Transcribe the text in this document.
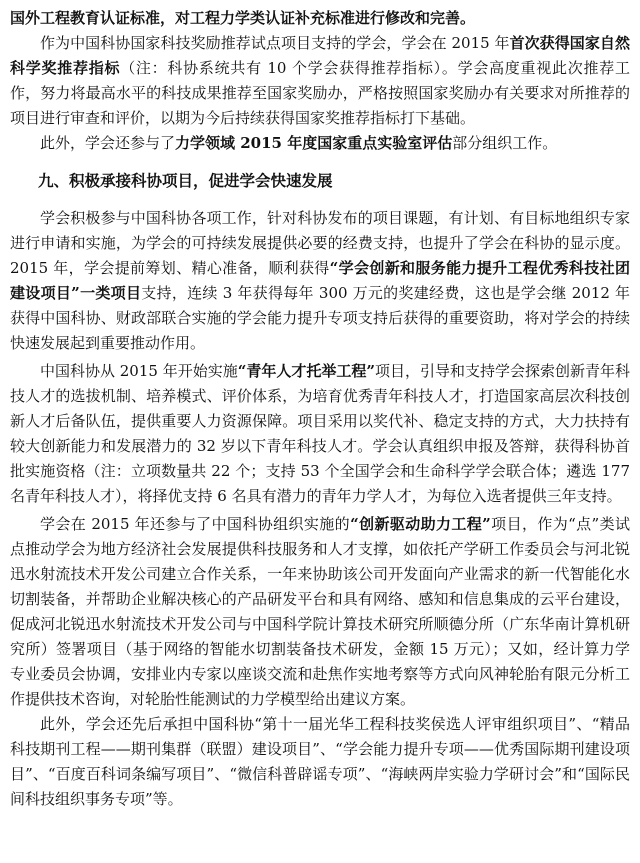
国外工程教育认证标准，对工程力学类认证补充标准进行修改和完善。

作为中国科协国家科技奖励推荐试点项目支持的学会，学会在 2015 年首次获得国家自然科学奖推荐指标（注：科协系统共有 10 个学会获得推荐指标）。学会高度重视此次推荐工作，努力将最高水平的科技成果推荐至国家奖励办，严格按照国家奖励办有关要求对所推荐的项目进行审查和评价，以期为今后持续获得国家奖推荐指标打下基础。

此外，学会还参与了力学领域 2015 年度国家重点实验室评估部分组织工作。

九、积极承接科协项目，促进学会快速发展

学会积极参与中国科协各项工作，针对科协发布的项目课题，有计划、有目标地组织专家进行申请和实施，为学会的可持续发展提供必要的经费支持，也提升了学会在科协的显示度。2015 年，学会提前筹划、精心准备，顺利获得“学会创新和服务能力提升工程优秀科技社团建设项目”一类项目支持，连续 3 年获得每年 300 万元的奖建经费，这也是学会继 2012 年获得中国科协、财政部联合实施的学会能力提升专项支持后获得的重要资助，将对学会的持续快速发展起到重要推动作用。

中国科协从 2015 年开始实施“青年人才托举工程”项目，引导和支持学会探索创新青年科技人才的选拔机制、培养模式、评价体系，为培育优秀青年科技人才，打造国家高层次科技创新人才后备队伍，提供重要人力资源保障。项目采用以奖代补、稳定支持的方式，大力扶持有较大创新能力和发展潜力的 32 岁以下青年科技人才。学会认真组织申报及答辩，获得科协首批实施资格（注：立项数量共 22 个；支持 53 个全国学会和生命科学学会联合体；遴选 177 名青年科技人才），将择优支持 6 名具有潜力的青年力学人才，为每位入选者提供三年支持。

学会在 2015 年还参与了中国科协组织实施的“创新驱动助力工程”项目，作为“点”类试点推动学会为地方经济社会发展提供科技服务和人才支撑，如依托产学研工作委员会与河北锐迅水射流技术开发公司建立合作关系，一年来协助该公司开发面向产业需求的新一代智能化水切割装备，并帮助企业解决核心的产品研发平台和具有网络、感知和信息集成的云平台建设，促成河北锐迅水射流技术开发公司与中国科学院计算技术研究所顺德分所（广东华南计算机研究所）签署项目（基于网络的智能水切割装备技术研发，金额 15 万元）；又如，经计算力学专业委员会协调，安排业内专家以座谈交流和赴焦作实地考察等方式向风神轮胎有限元分析工作提供技术咨询，对轮胎性能测试的力学模型给出建议方案。

此外，学会还先后承担中国科协“第十一届光华工程科技奖侯选人评审组织项目”、“精品科技期刊工程——期刊集群（联盟）建设项目”、“学会能力提升专项——优秀国际期刊建设项目”、“百度百科词条编写项目”、“微信科普辟谣专项”、“海峡两岸实验力学研讨会”和“国际民间科技组织事务专项”等。
